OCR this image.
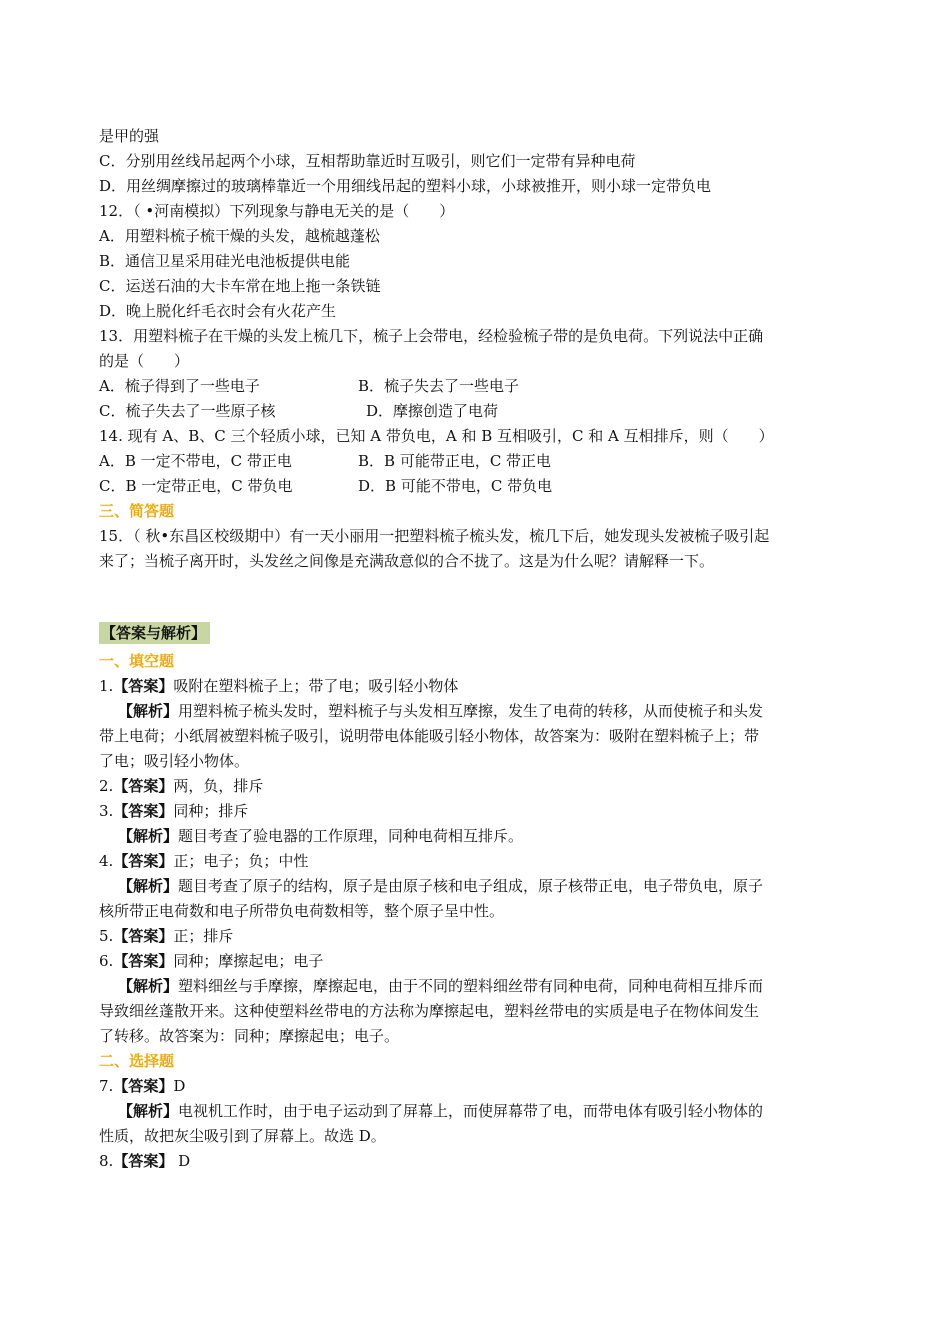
是甲的强
C．分别用丝线吊起两个小球，互相帮助靠近时互吸引，则它们一定带有异种电荷
D．用丝绸摩擦过的玻璃棒靠近一个用细线吊起的塑料小球，小球被推开，则小球一定带负电
12．（ •河南模拟）下列现象与静电无关的是（　　）
A．用塑料梳子梳干燥的头发，越梳越蓬松
B．通信卫星采用硅光电池板提供电能
C．运送石油的大卡车常在地上拖一条铁链
D．晚上脱化纤毛衣时会有火花产生
13．用塑料梳子在干燥的头发上梳几下，梳子上会带电，经检验梳子带的是负电荷。下列说法中正确
的是（　　）
A．梳子得到了一些电子	B．梳子失去了一些电子
C．梳子失去了一些原子核	D．摩擦创造了电荷
14. 现有 A、B、C 三个轻质小球，已知 A 带负电，A 和 B 互相吸引，C 和 A 互相排斥，则（　　）
A．B 一定不带电，C 带正电	B．B 可能带正电，C 带正电
C．B 一定带正电，C 带负电	D．B 可能不带电，C 带负电
三、简答题
15．（ 秋•东昌区校级期中）有一天小丽用一把塑料梳子梳头发，梳几下后，她发现头发被梳子吸引起
来了；当梳子离开时，头发丝之间像是充满敌意似的合不拢了。这是为什么呢？请解释一下。
【答案与解析】
一、填空题
1.【答案】吸附在塑料梳子上；带了电；吸引轻小物体
【解析】用塑料梳子梳头发时，塑料梳子与头发相互摩擦，发生了电荷的转移，从而使梳子和头发
带上电荷；小纸屑被塑料梳子吸引，说明带电体能吸引轻小物体，故答案为：吸附在塑料梳子上；带
了电；吸引轻小物体。
2.【答案】两，负，排斥
3.【答案】同种；排斥
【解析】题目考查了验电器的工作原理，同种电荷相互排斥。
4.【答案】正；电子；负；中性
【解析】题目考查了原子的结构，原子是由原子核和电子组成，原子核带正电，电子带负电，原子
核所带正电荷数和电子所带负电荷数相等，整个原子呈中性。
5.【答案】正；排斥
6.【答案】同种；摩擦起电；电子
【解析】塑料细丝与手摩擦，摩擦起电，由于不同的塑料细丝带有同种电荷，同种电荷相互排斥而
导致细丝蓬散开来。这种使塑料丝带电的方法称为摩擦起电，塑料丝带电的实质是电子在物体间发生
了转移。故答案为：同种；摩擦起电；电子。
二、选择题
7.【答案】D
【解析】电视机工作时，由于电子运动到了屏幕上，而使屏幕带了电，而带电体有吸引轻小物体的
性质，故把灰尘吸引到了屏幕上。故选 D。
8.【答案】 D
